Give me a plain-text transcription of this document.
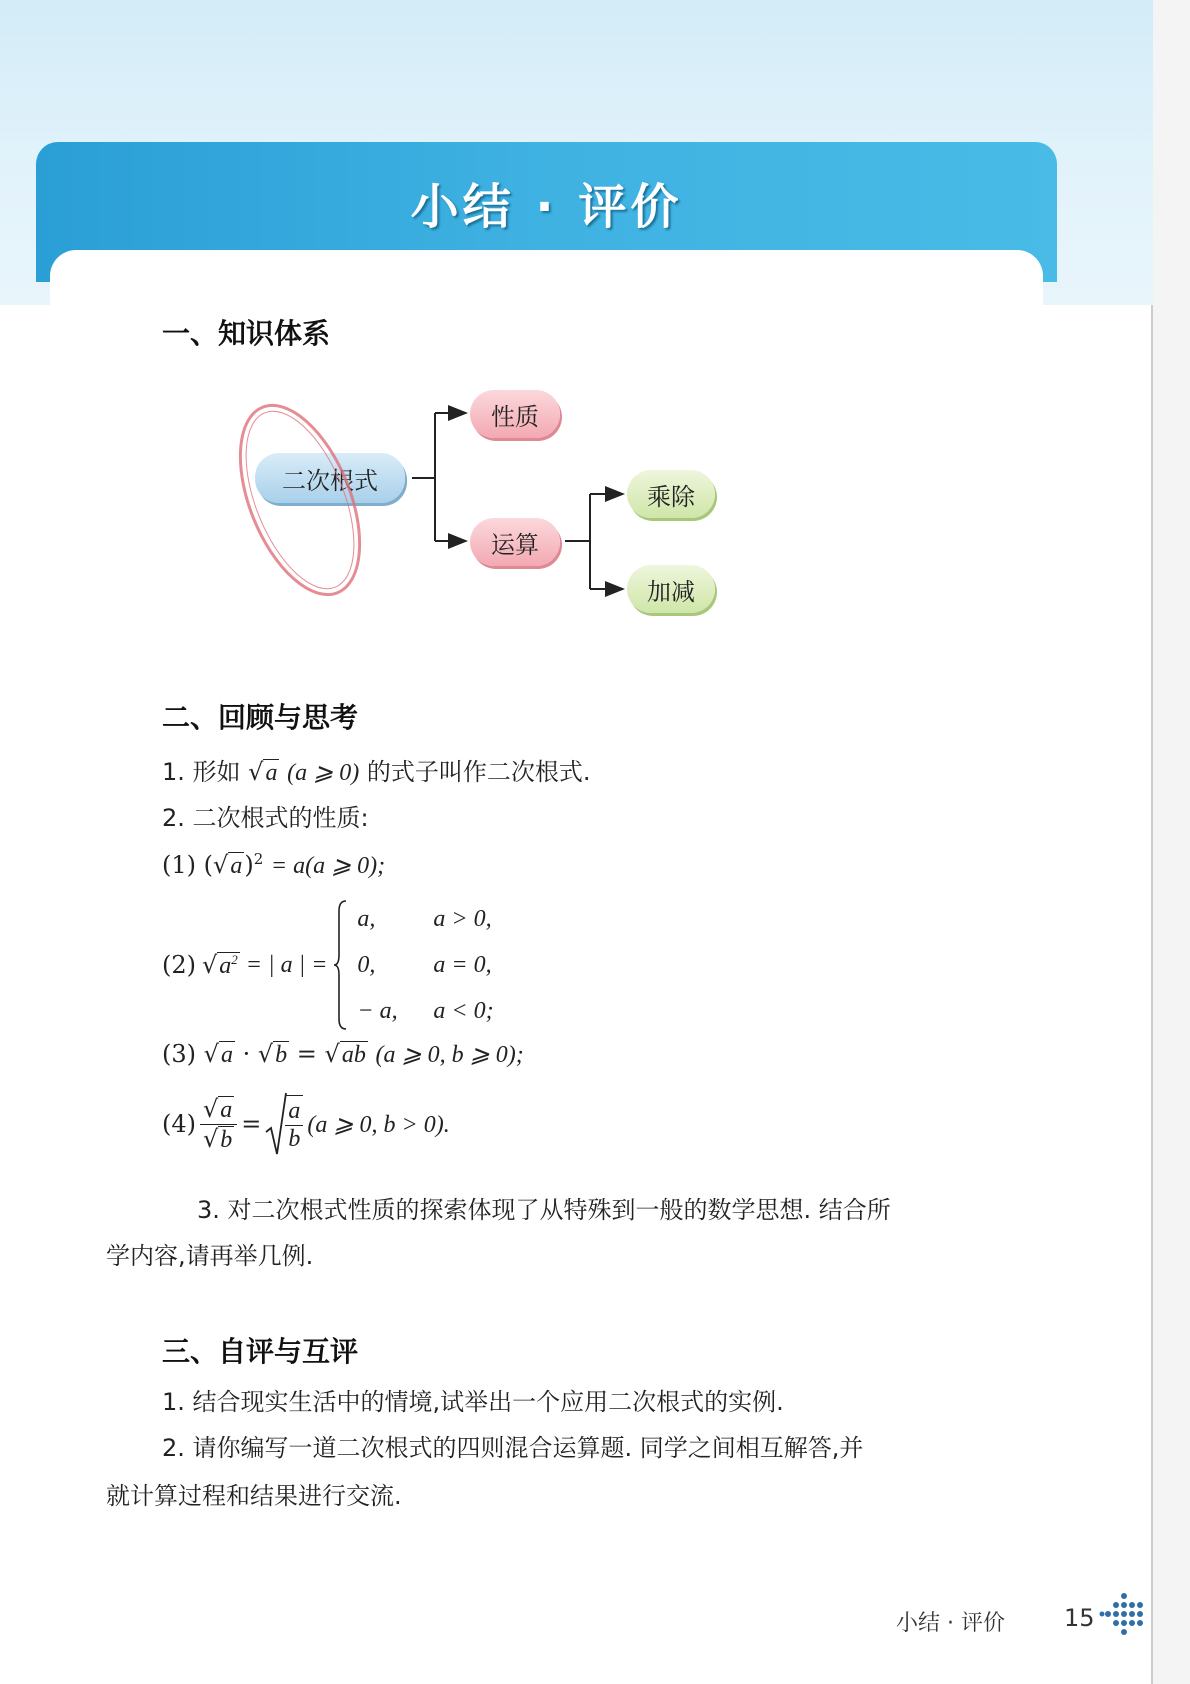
小结 · 评价
一、知识体系
二次根式
性质
运算
乘除
加减
二、回顾与思考
1. 形如 √a (a ⩾ 0) 的式子叫作二次根式.
2. 二次根式的性质:
(1) $(√a)^2 = a(a$ ⩾ 0);
(2) $√a^2$ = | a | =
a,	a > 0,
0,	a = 0,
− a,	a < 0;
(3) √a · √b = √ab (a ⩾ 0, b ⩾ 0);
$(4) \frac{√a}{√b} = \frac{a}{b} (a$ ⩾ 0, b > 0).
3. 对二次根式性质的探索体现了从特殊到一般的数学思想. 结合所
学内容,请再举几例.
三、自评与互评
1. 结合现实生活中的情境,试举出一个应用二次根式的实例.
2. 请你编写一道二次根式的四则混合运算题. 同学之间相互解答,并
就计算过程和结果进行交流.
小结 · 评价 15
